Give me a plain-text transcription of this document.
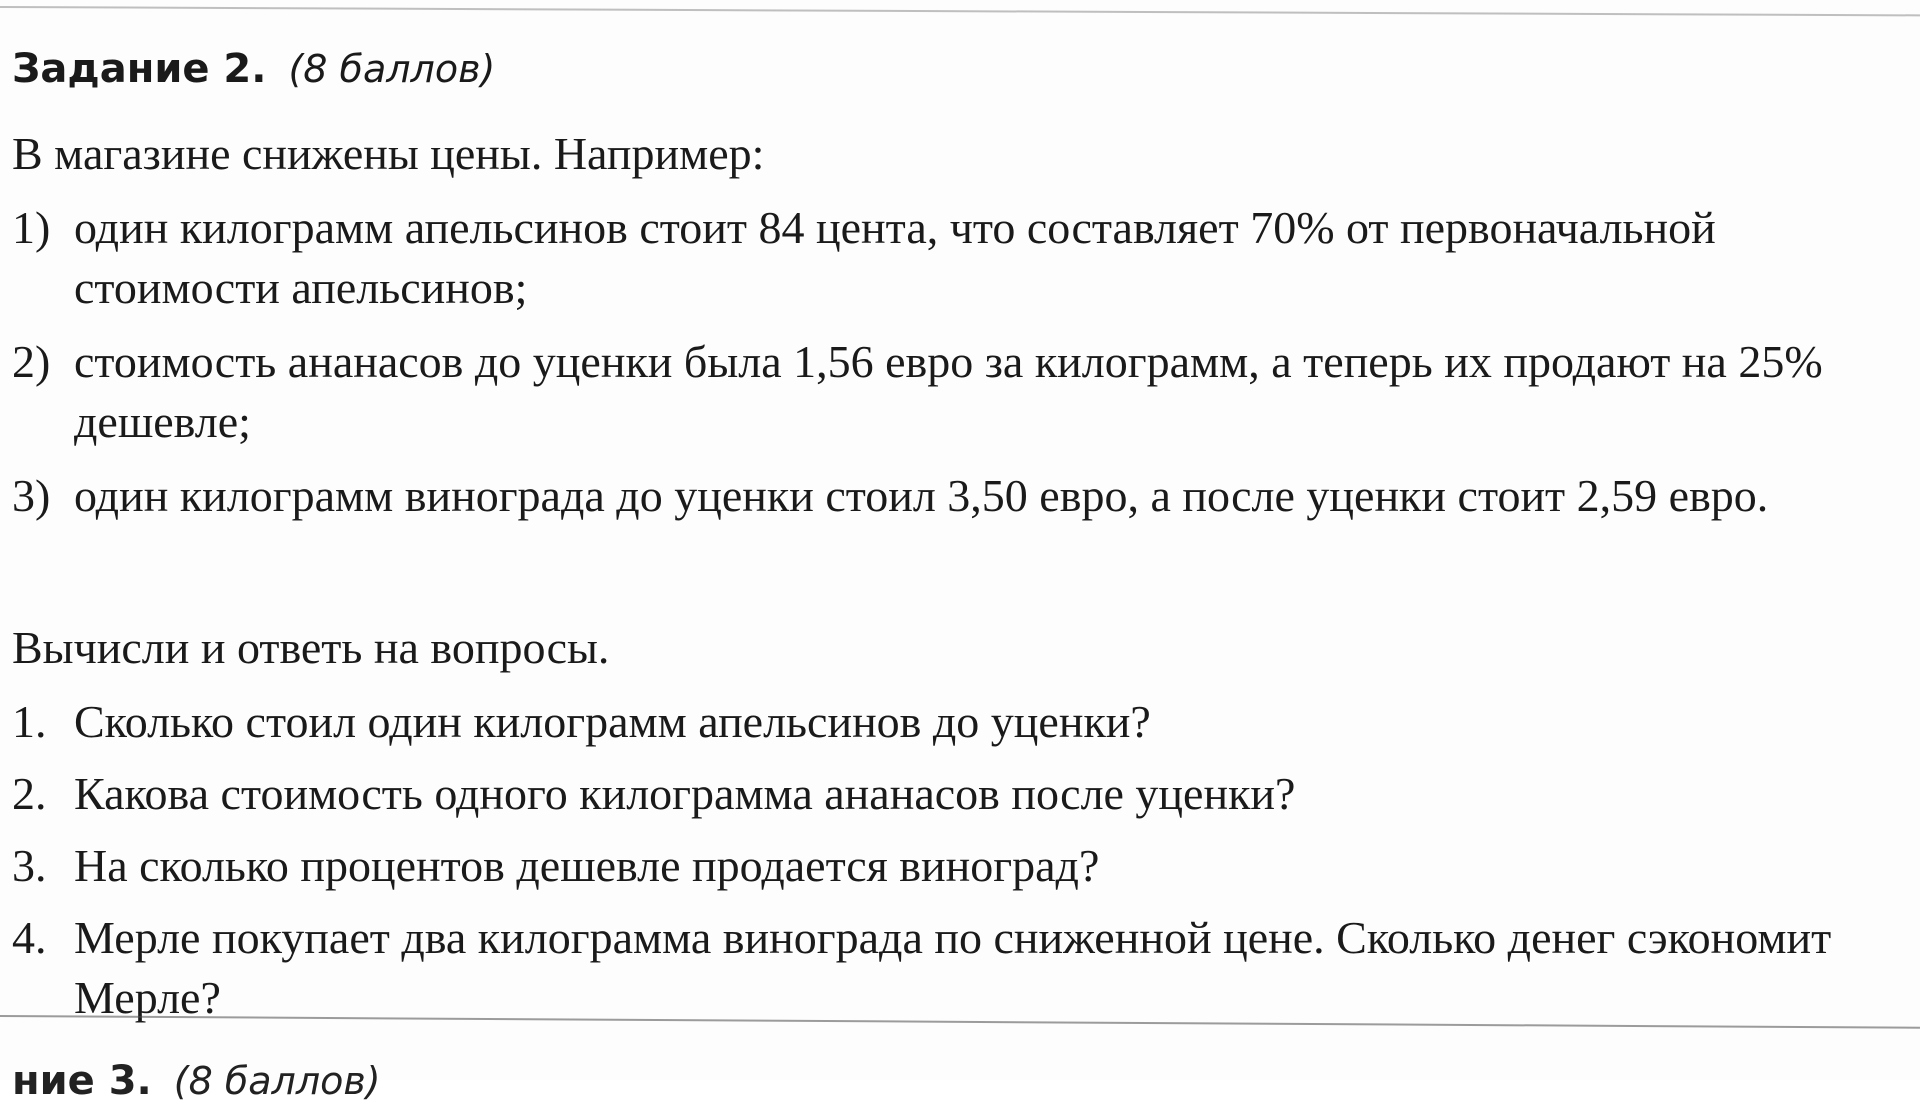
Задание 2. (8 баллов)
В магазине снижены цены. Например:
1) один килограмм апельсинов стоит 84 цента, что составляет 70% от первоначальной стоимости апельсинов;
2) стоимость ананасов до уценки была 1,56 евро за килограмм, а теперь их продают на 25% дешевле;
3) один килограмм винограда до уценки стоил 3,50 евро, а после уценки стоит 2,59 евро.
Вычисли и ответь на вопросы.
1. Сколько стоил один килограмм апельсинов до уценки?
2. Какова стоимость одного килограмма ананасов после уценки?
3. На сколько процентов дешевле продается виноград?
4. Мерле покупает два килограмма винограда по сниженной цене. Сколько денег сэкономит Мерле?
ние 3. (8 баллов)
